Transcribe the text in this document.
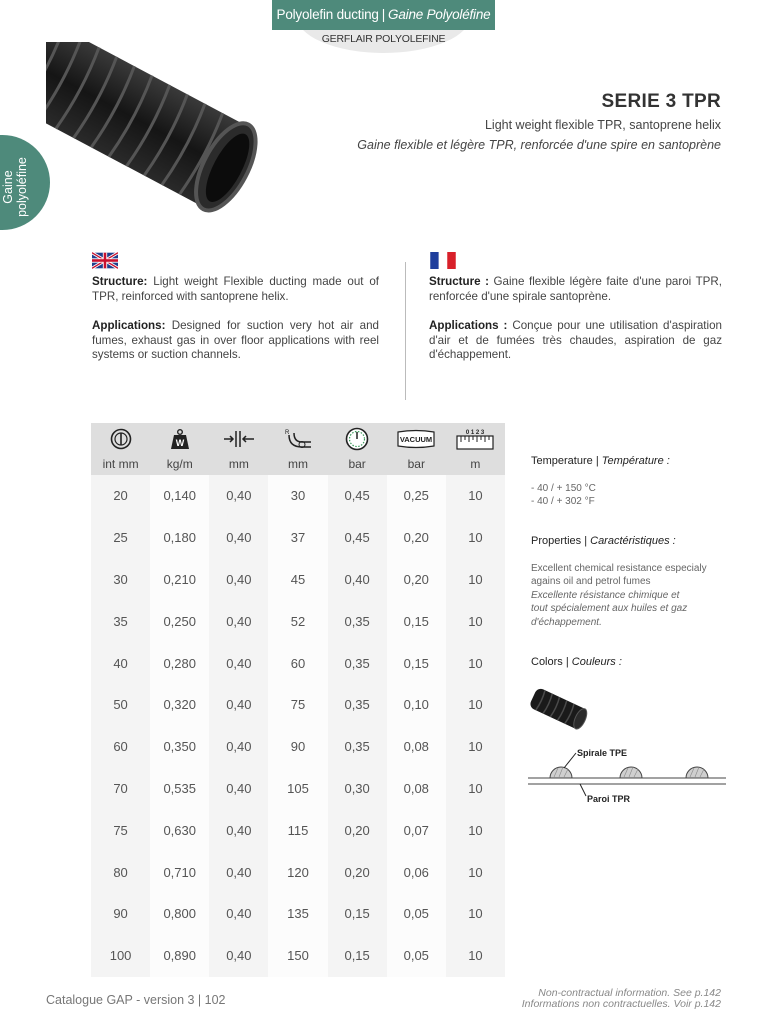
Polyolefin ducting | Gaine Polyoléfine
GERFLAIR POLYOLEFINE
Gaine polyoléfine
SERIE 3 TPR
Light weight flexible TPR, santoprene helix
Gaine flexible et légère TPR, renforcée d'une spire en santoprène

Structure: Light weight Flexible ducting made out of TPR, reinforced with santoprene helix.

Applications: Designed for suction very hot air and fumes, exhaust gas in over floor applications with reel systems or suction channels.

Structure : Gaine flexible légère faite d'une paroi TPR, renforcée d'une spirale santoprène.

Applications : Conçue pour une utilisation d'aspiration d'air et de fumées très chaudes, aspiration de gaz d'échappement.

W		R		VACUUM	0 1 2 3

int mm	kg/m	mm	mm	bar	bar	m
20	0,140	0,40	30	0,45	0,25	10
25	0,180	0,40	37	0,45	0,20	10
30	0,210	0,40	45	0,40	0,20	10
35	0,250	0,40	52	0,35	0,15	10
40	0,280	0,40	60	0,35	0,15	10
50	0,320	0,40	75	0,35	0,10	10
60	0,350	0,40	90	0,35	0,08	10
70	0,535	0,40	105	0,30	0,08	10
75	0,630	0,40	115	0,20	0,07	10
80	0,710	0,40	120	0,20	0,06	10
90	0,800	0,40	135	0,15	0,05	10
100	0,890	0,40	150	0,15	0,05	10
Temperature | Température :
- 40 / + 150 °C
- 40 / + 302 °F
Properties | Caractéristiques :
Excellent chemical resistance especialy
agains oil and petrol fumes
Excellente résistance chimique et
tout spécialement aux huiles et gaz
d'échappement.
Colors | Couleurs :
Spirale TPE
Paroi TPR
Catalogue GAP - version 3 | 102	Non-contractual information. See p.142
Informations non contractuelles. Voir p.142
